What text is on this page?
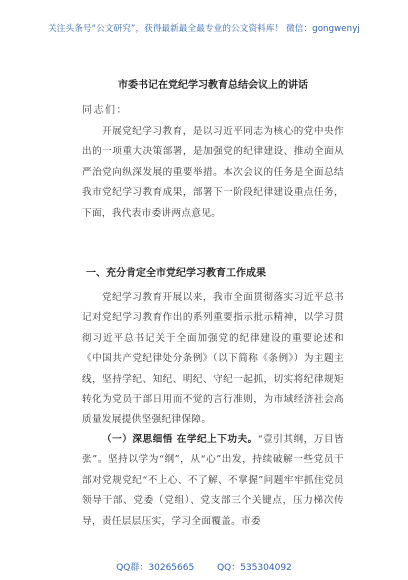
关注头条号“公文研究”，获得最新最全最专业的公文资料库！ 微信：gongwenyj
市委书记在党纪学习教育总结会议上的讲话
同志们：

开展党纪学习教育，是以习近平同志为核心的党中央作出的一项重大决策部署，是加强党的纪律建设、推动全面从严治党向纵深发展的重要举措。本次会议的任务是全面总结我市党纪学习教育成果，部署下一阶段纪律建设重点任务，下面，我代表市委讲两点意见。

一、充分肯定全市党纪学习教育工作成果

党纪学习教育开展以来，我市全面贯彻落实习近平总书记对党纪学习教育作出的系列重要指示批示精神，以学习贯彻习近平总书记关于全面加强党的纪律建设的重要论述和《中国共产党纪律处分条例》（以下简称《条例》）为主题主线，坚持学纪、知纪、明纪、守纪一起抓，切实将纪律规矩转化为党员干部日用而不觉的言行准则，为市域经济社会高质量发展提供坚强纪律保障。

（一）深思细悟 在学纪上下功夫。“壹引其纲，万目皆张”。坚持以学为“纲”，从“心”出发，持续破解一些党员干部对党规党纪“不上心、不了解、不掌握”问题牢牢抓住党员领导干部、党委（党组）、党支部三个关键点，压力梯次传导，责任层层压实，学习全面覆盖。市委

QQ群：30265665	QQ：535304092
